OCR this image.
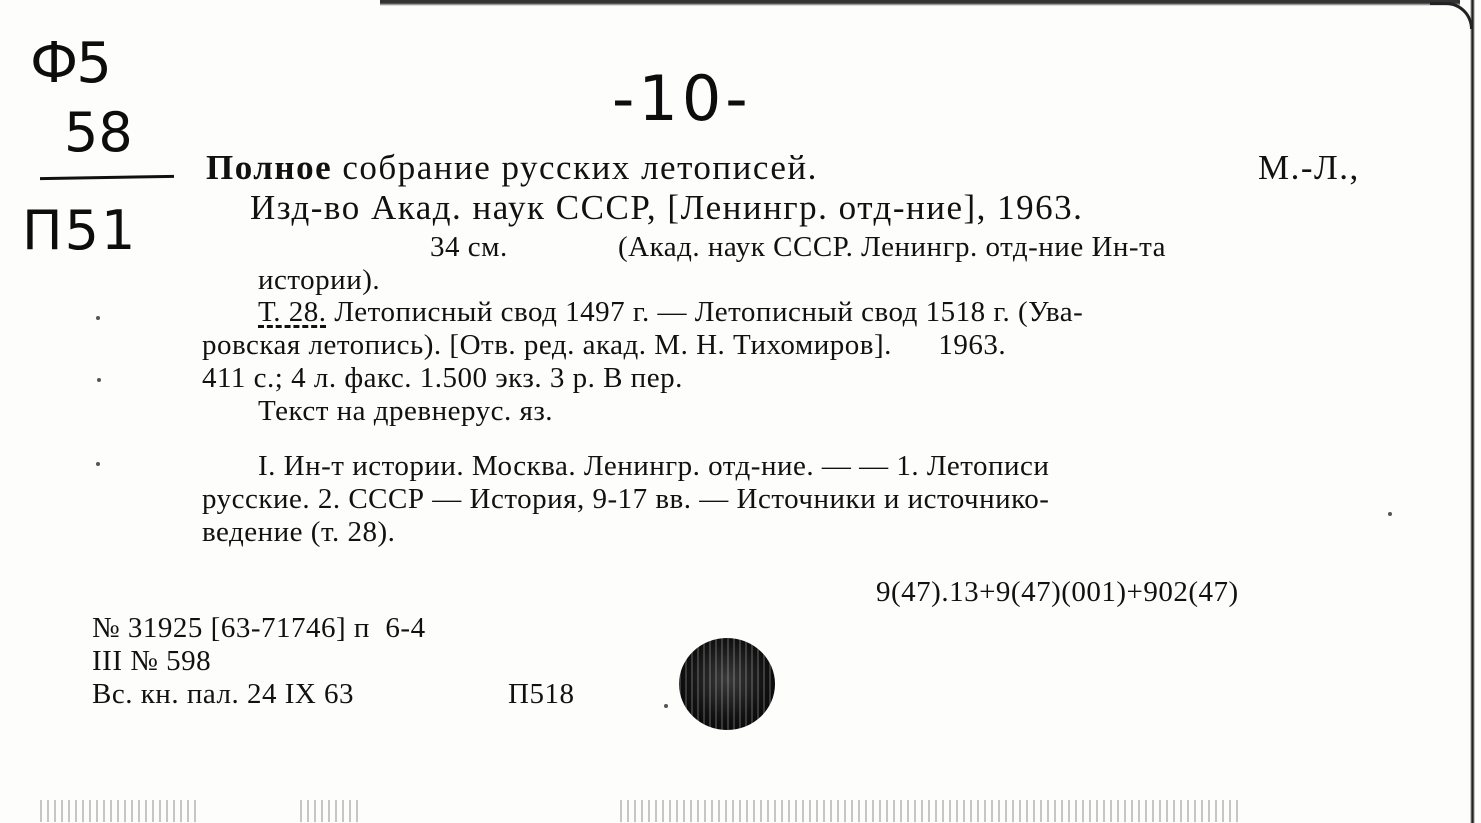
Ф5
58
П51
-10-
Полное собрание русских летописей.	М.-Л.,
Изд-во Акад. наук СССР, [Ленингр. отд-ние], 1963.
34 см.	(Акад. наук СССР. Ленингр. отд-ние Ин-та
истории).
Т. 28. Летописный свод 1497 г. — Летописный свод 1518 г. (Ува-
ровская летопись). [Отв. ред. акад. М. Н. Тихомиров].      1963.
411 с.; 4 л. факс. 1.500 экз. 3 р. В пер.
Текст на древнерус. яз.
I. Ин-т истории. Москва. Ленингр. отд-ние. — — 1. Летописи
русские. 2. СССР — История, 9-17 вв. — Источники и источнико-
ведение (т. 28).
9(47).13+9(47)(001)+902(47)
№ 31925 [63-71746] п  6-4
III № 598
Вс. кн. пал. 24 IX 63	П518
